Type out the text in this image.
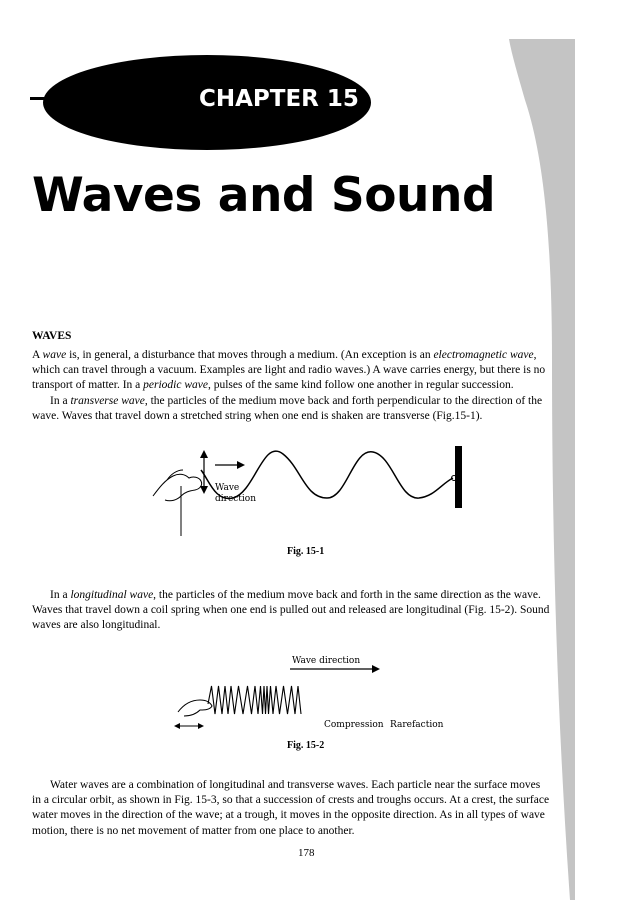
CHAPTER 15
Waves and Sound
WAVES
A wave is, in general, a disturbance that moves through a medium. (An exception is an electromagnetic wave,
which can travel through a vacuum. Examples are light and radio waves.) A wave carries energy, but there is no
transport of matter. In a periodic wave, pulses of the same kind follow one another in regular succession.
In a transverse wave, the particles of the medium move back and forth perpendicular to the direction of the
wave. Waves that travel down a stretched string when one end is shaken are transverse (Fig.15-1).
Wave
direction
Fig. 15-1
In a longitudinal wave, the particles of the medium move back and forth in the same direction as the wave.
Waves that travel down a coil spring when one end is pulled out and released are longitudinal (Fig. 15-2). Sound
waves are also longitudinal.
Wave direction
Compression Rarefaction
Fig. 15-2
Water waves are a combination of longitudinal and transverse waves. Each particle near the surface moves
in a circular orbit, as shown in Fig. 15-3, so that a succession of crests and troughs occurs. At a crest, the surface
water moves in the direction of the wave; at a trough, it moves in the opposite direction. As in all types of wave
motion, there is no net movement of matter from one place to another.
178
